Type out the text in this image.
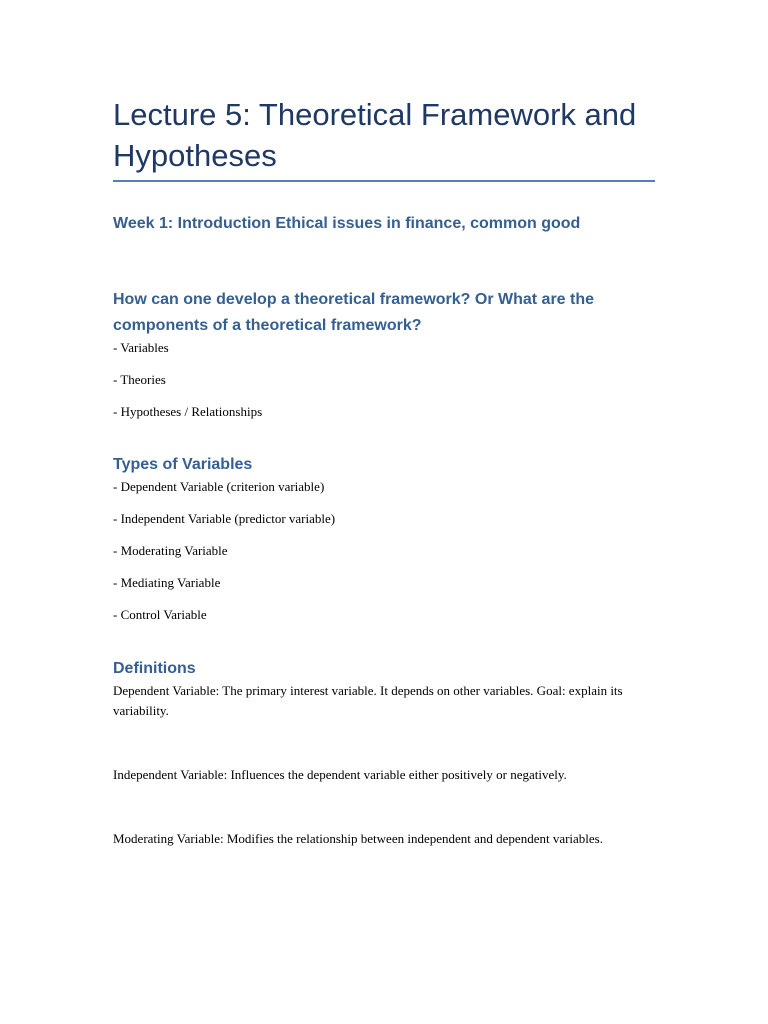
Lecture 5: Theoretical Framework and Hypotheses
Week 1: Introduction Ethical issues in finance, common good
How can one develop a theoretical framework? Or What are the components of a theoretical framework?

- Variables

- Theories

- Hypotheses / Relationships

Types of Variables

- Dependent Variable (criterion variable)

- Independent Variable (predictor variable)

- Moderating Variable

- Mediating Variable

- Control Variable

Definitions

Dependent Variable: The primary interest variable. It depends on other variables. Goal: explain its variability.

Independent Variable: Influences the dependent variable either positively or negatively.

Moderating Variable: Modifies the relationship between independent and dependent variables.
